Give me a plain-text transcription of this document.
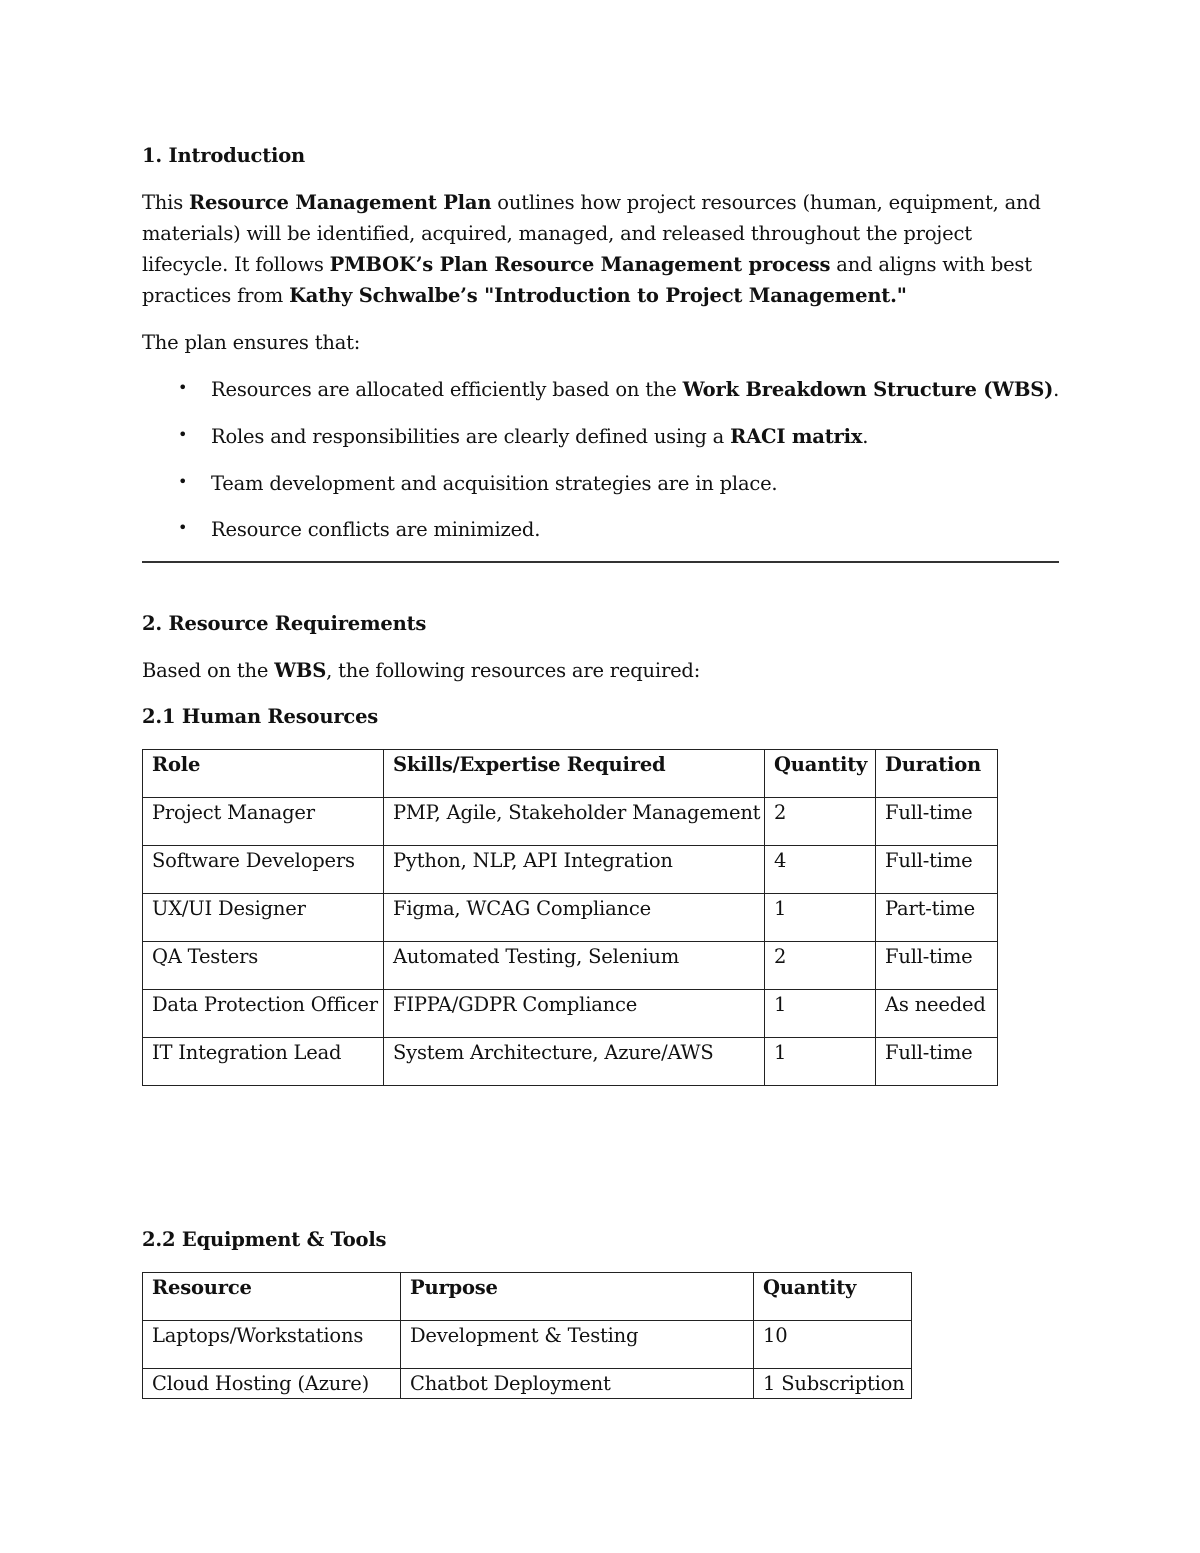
1. Introduction
This Resource Management Plan outlines how project resources (human, equipment, and materials) will be identified, acquired, managed, and released throughout the project lifecycle. It follows PMBOK’s Plan Resource Management process and aligns with best practices from Kathy Schwalbe’s "Introduction to Project Management."
The plan ensures that:
• Resources are allocated efficiently based on the Work Breakdown Structure (WBS).
• Roles and responsibilities are clearly defined using a RACI matrix.
• Team development and acquisition strategies are in place.
• Resource conflicts are minimized.
2. Resource Requirements
Based on the WBS, the following resources are required:
2.1 Human Resources
Role	Skills/Expertise Required	Quantity	Duration
Project Manager	PMP, Agile, Stakeholder Management	2	Full-time
Software Developers	Python, NLP, API Integration	4	Full-time
UX/UI Designer	Figma, WCAG Compliance	1	Part-time
QA Testers	Automated Testing, Selenium	2	Full-time
Data Protection Officer	FIPPA/GDPR Compliance	1	As needed
IT Integration Lead	System Architecture, Azure/AWS	1	Full-time
2.2 Equipment & Tools
Resource	Purpose	Quantity
Laptops/Workstations	Development & Testing	10
Cloud Hosting (Azure)	Chatbot Deployment	1 Subscription
